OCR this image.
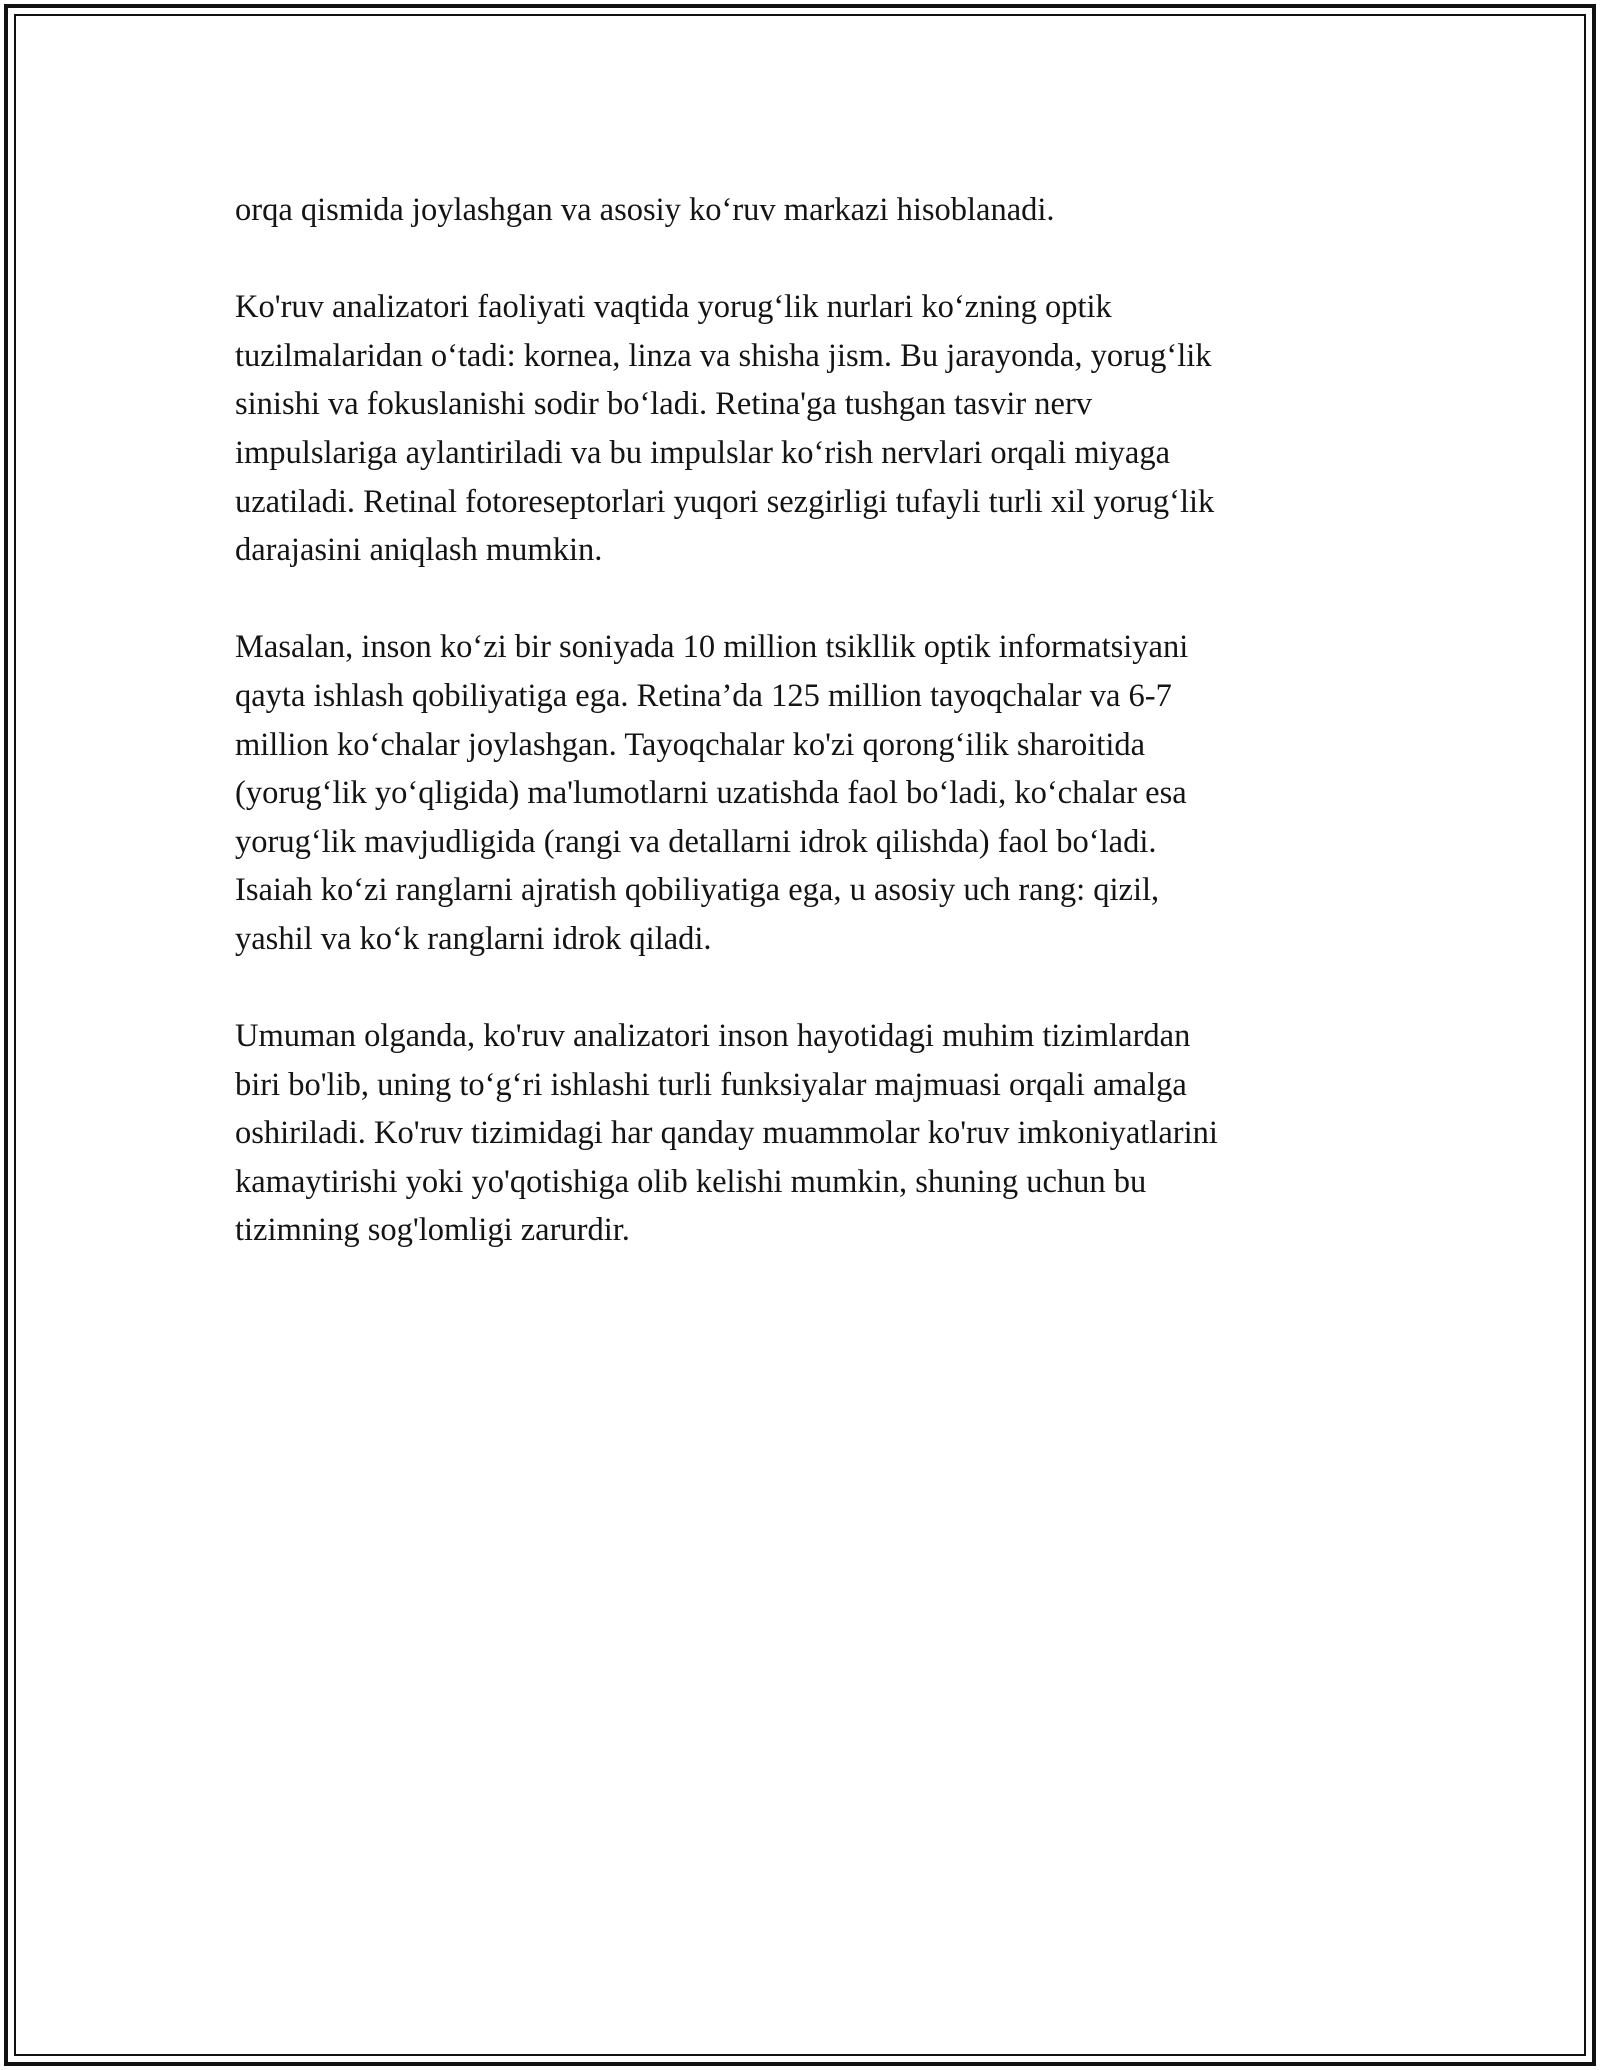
orqa qismida joylashgan va asosiy ko‘ruv markazi hisoblanadi.

Ko'ruv analizatori faoliyati vaqtida yorug‘lik nurlari ko‘zning optik
tuzilmalaridan o‘tadi: kornea, linza va shisha jism. Bu jarayonda, yorug‘lik
sinishi va fokuslanishi sodir bo‘ladi. Retina'ga tushgan tasvir nerv
impulslariga aylantiriladi va bu impulslar ko‘rish nervlari orqali miyaga
uzatiladi. Retinal fotoreseptorlari yuqori sezgirligi tufayli turli xil yorug‘lik
darajasini aniqlash mumkin.

Masalan, inson ko‘zi bir soniyada 10 million tsikllik optik informatsiyani
qayta ishlash qobiliyatiga ega. Retina’da 125 million tayoqchalar va 6-7
million ko‘chalar joylashgan. Tayoqchalar ko'zi qorong‘ilik sharoitida
(yorug‘lik yo‘qligida) ma'lumotlarni uzatishda faol bo‘ladi, ko‘chalar esa
yorug‘lik mavjudligida (rangi va detallarni idrok qilishda) faol bo‘ladi.
Isaiah ko‘zi ranglarni ajratish qobiliyatiga ega, u asosiy uch rang: qizil,
yashil va ko‘k ranglarni idrok qiladi.

Umuman olganda, ko'ruv analizatori inson hayotidagi muhim tizimlardan
biri bo'lib, uning to‘g‘ri ishlashi turli funksiyalar majmuasi orqali amalga
oshiriladi. Ko'ruv tizimidagi har qanday muammolar ko'ruv imkoniyatlarini
kamaytirishi yoki yo'qotishiga olib kelishi mumkin, shuning uchun bu
tizimning sog'lomligi zarurdir.
